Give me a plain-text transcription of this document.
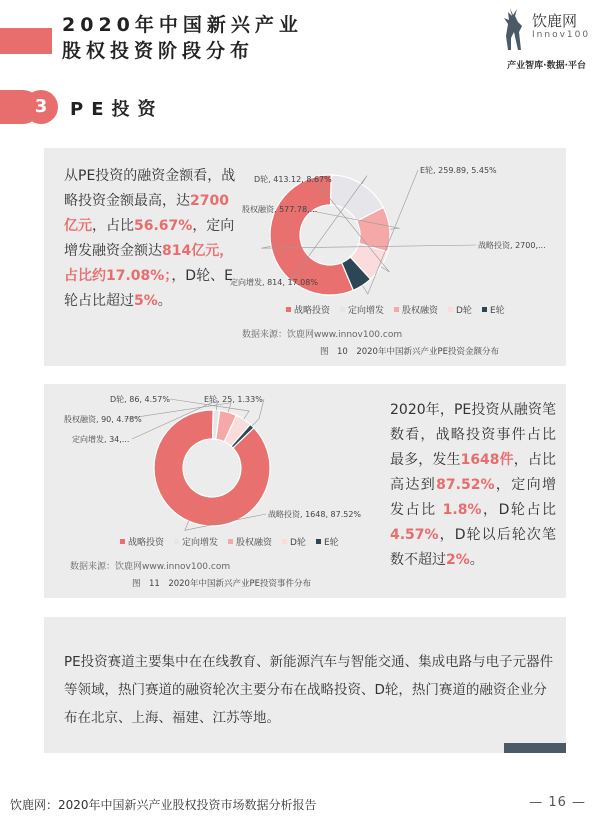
2020年中国新兴产业
股权投资阶段分布
饮鹿网
Innov100
产业智库·数据·平台
3	PE投资
从PE投资的融资金额看，战略投资金额最高，达2700亿元，占比56.67%，定向增发融资金额达814亿元，占比约17.08%；，D轮、E轮占比超过5%。
2020年，PE投资从融资笔数看，战略投资事件占比最多，发生1648件，占比高达到87.52%，定向增发占比 1.8%，D轮占比4.57%，D轮以后轮次笔数不超过2%。
PE投资赛道主要集中在在线教育、新能源汽车与智能交通、集成电路与电子元器件等领域，热门赛道的融资轮次主要分布在战略投资、D轮，热门赛道的融资企业分布在北京、上海、福建、江苏等地。
战略投资, 2700,...
定向增发, 814, 17.08%
股权融资, 577.78,...
D轮, 413.12, 8.67%
E轮, 259.89, 5.45%
战略投资 定向增发 股权融资 D轮 E轮
数据来源：饮鹿网www.innov100.com
图　10　2020年中国新兴产业PE投资金额分布
战略投资, 1648, 87.52%
定向增发, 34,...
股权融资, 90, 4.78%
D轮, 86, 4.57%	E轮, 25, 1.33%
战略投资 定向增发 股权融资 D轮 E轮
数据来源：饮鹿网www.innov100.com
图　11　2020年中国新兴产业PE投资事件分布
饮鹿网：2020年中国新兴产业股权投资市场数据分析报告	— 16 —
